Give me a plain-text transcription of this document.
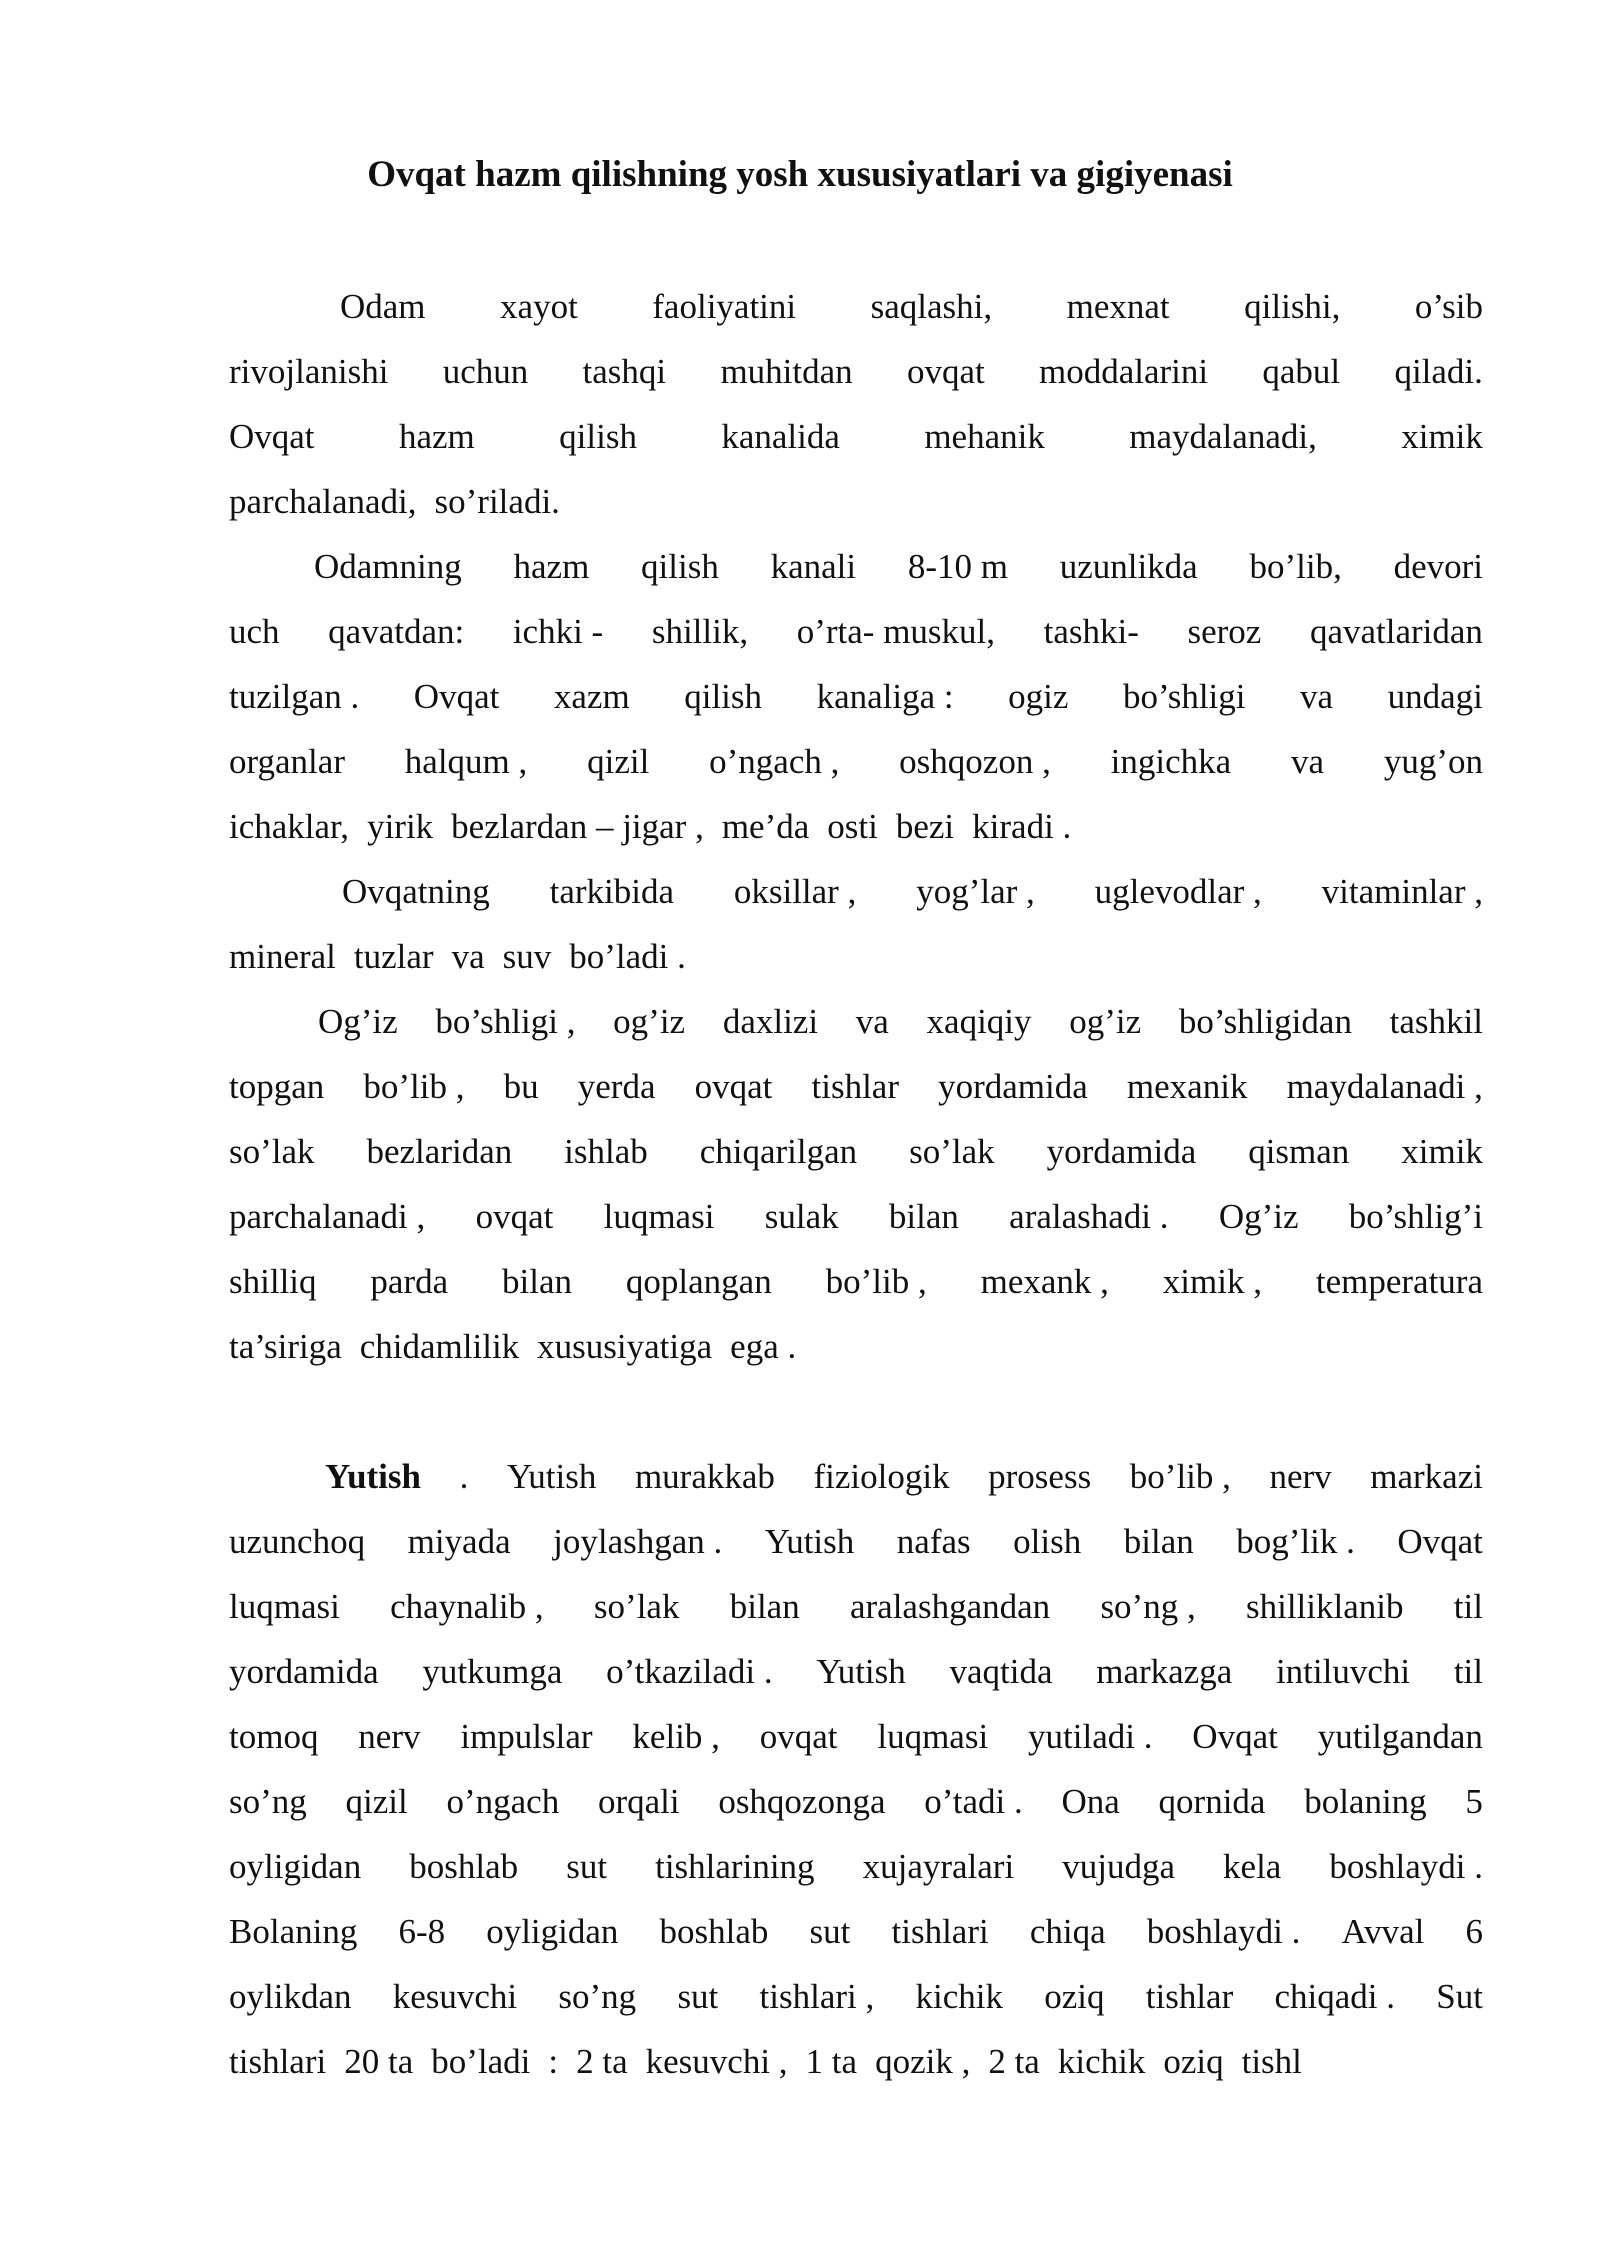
Ovqat hazm qilishning yosh xususiyatlari va gigiyenasi
Odam xayot faoliyatini saqlashi, mexnat qilishi, o’sib
rivojlanishi uchun tashqi muhitdan ovqat moddalarini qabul qiladi.
Ovqat hazm qilish kanalida mehanik maydalanadi, ximik
parchalanadi, so’riladi.
Odamning hazm qilish kanali 8-10 m uzunlikda bo’lib, devori
uch qavatdan: ichki - shillik, o’rta- muskul, tashki- seroz qavatlaridan
tuzilgan . Ovqat xazm qilish kanaliga : ogiz bo’shligi va undagi
organlar halqum , qizil o’ngach , oshqozon , ingichka va yug’on
ichaklar, yirik bezlardan – jigar , me’da osti bezi kiradi .
Ovqatning tarkibida oksillar , yog’lar , uglevodlar , vitaminlar ,
mineral tuzlar va suv bo’ladi .
Og’iz bo’shligi , og’iz daxlizi va xaqiqiy og’iz bo’shligidan tashkil
topgan bo’lib , bu yerda ovqat tishlar yordamida mexanik maydalanadi ,
so’lak bezlaridan ishlab chiqarilgan so’lak yordamida qisman ximik
parchalanadi , ovqat luqmasi sulak bilan aralashadi . Og’iz bo’shlig’i
shilliq parda bilan qoplangan bo’lib , mexank , ximik , temperatura
ta’siriga chidamlilik xususiyatiga ega .
Yutish . Yutish murakkab fiziologik prosess bo’lib , nerv markazi
uzunchoq miyada joylashgan . Yutish nafas olish bilan bog’lik . Ovqat
luqmasi chaynalib , so’lak bilan aralashgandan so’ng , shilliklanib til
yordamida yutkumga o’tkaziladi . Yutish vaqtida markazga intiluvchi til
tomoq nerv impulslar kelib , ovqat luqmasi yutiladi . Ovqat yutilgandan
so’ng qizil o’ngach orqali oshqozonga o’tadi . Ona qornida bolaning 5
oyligidan boshlab sut tishlarining xujayralari vujudga kela boshlaydi .
Bolaning 6-8 oyligidan boshlab sut tishlari chiqa boshlaydi . Avval 6
oylikdan kesuvchi so’ng sut tishlari , kichik oziq tishlar chiqadi . Sut
tishlari 20 ta bo’ladi : 2 ta kesuvchi , 1 ta qozik , 2 ta kichik oziq tishl
